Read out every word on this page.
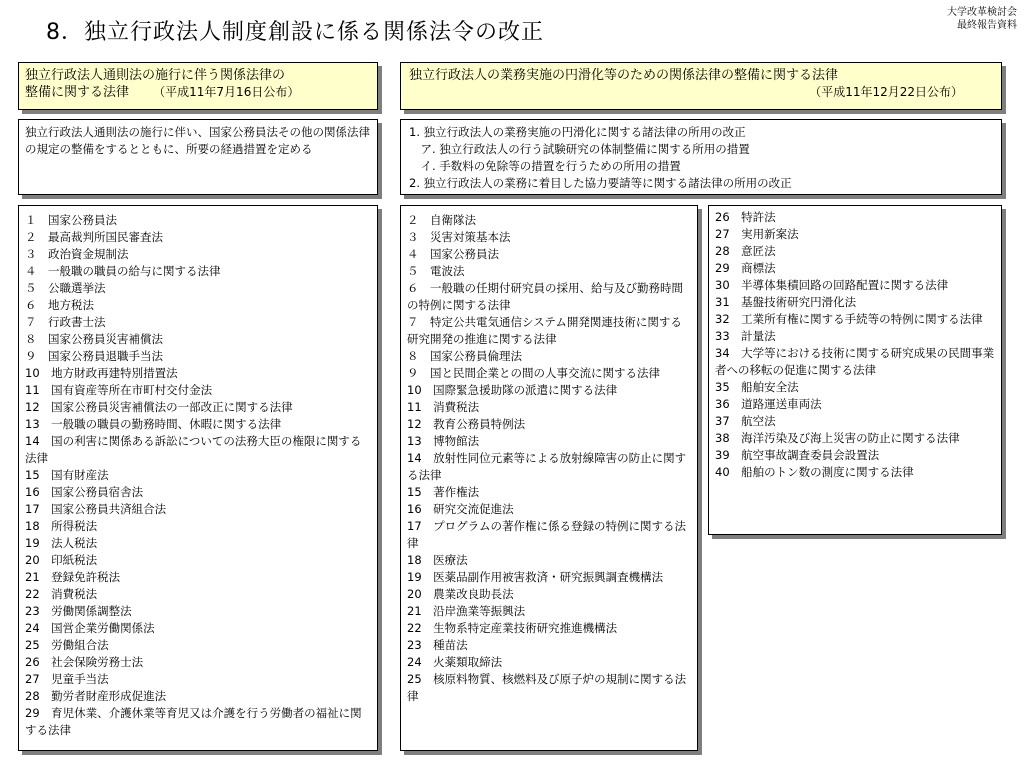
大学改革検討会
最終報告資料
8．独立行政法人制度創設に係る関係法令の改正
独立行政法人通則法の施行に伴う関係法律の
整備に関する法律 （平成11年7月16日公布）
独立行政法人の業務実施の円滑化等のための関係法律の整備に関する法律
（平成11年12月22日公布）
独立行政法人通則法の施行に伴い、国家公務員法その他の関係法律の規定の整備をするとともに、所要の経過措置を定める
1. 独立行政法人の業務実施の円滑化に関する諸法律の所用の改正
　ア. 独立行政法人の行う試験研究の体制整備に関する所用の措置
　イ. 手数料の免除等の措置を行うための所用の措置
2. 独立行政法人の業務に着目した協力要請等に関する諸法律の所用の改正
１　国家公務員法
２　最高裁判所国民審査法
３　政治資金規制法
４　一般職の職員の給与に関する法律
５　公職選挙法
６　地方税法
７　行政書士法
８　国家公務員災害補償法
９　国家公務員退職手当法
10　地方財政再建特別措置法
11　国有資産等所在市町村交付金法
12　国家公務員災害補償法の一部改正に関する法律
13　一般職の職員の勤務時間、休暇に関する法律
14　国の利害に関係ある訴訟についての法務大臣の権限に関する法律
15　国有財産法
16　国家公務員宿舎法
17　国家公務員共済組合法
18　所得税法
19　法人税法
20　印紙税法
21　登録免許税法
22　消費税法
23　労働関係調整法
24　国営企業労働関係法
25　労働組合法
26　社会保険労務士法
27　児童手当法
28　勤労者財産形成促進法
29　育児休業、介護休業等育児又は介護を行う労働者の福祉に関する法律
２　自衛隊法
３　災害対策基本法
４　国家公務員法
５　電波法
６　一般職の任期付研究員の採用、給与及び勤務時間の特例に関する法律
７　特定公共電気通信システム開発関連技術に関する研究開発の推進に関する法律
８　国家公務員倫理法
９　国と民間企業との間の人事交流に関する法律
10　国際緊急援助隊の派遣に関する法律
11　消費税法
12　教育公務員特例法
13　博物館法
14　放射性同位元素等による放射線障害の防止に関する法律
15　著作権法
16　研究交流促進法
17　プログラムの著作権に係る登録の特例に関する法律
18　医療法
19　医薬品副作用被害救済・研究振興調査機構法
20　農業改良助長法
21　沿岸漁業等振興法
22　生物系特定産業技術研究推進機構法
23　種苗法
24　火薬類取締法
25　核原料物質、核燃料及び原子炉の規制に関する法律
26　特許法
27　実用新案法
28　意匠法
29　商標法
30　半導体集積回路の回路配置に関する法律
31　基盤技術研究円滑化法
32　工業所有権に関する手続等の特例に関する法律
33　計量法
34　大学等における技術に関する研究成果の民間事業者への移転の促進に関する法律
35　船舶安全法
36　道路運送車両法
37　航空法
38　海洋汚染及び海上災害の防止に関する法律
39　航空事故調査委員会設置法
40　船舶のトン数の測度に関する法律
